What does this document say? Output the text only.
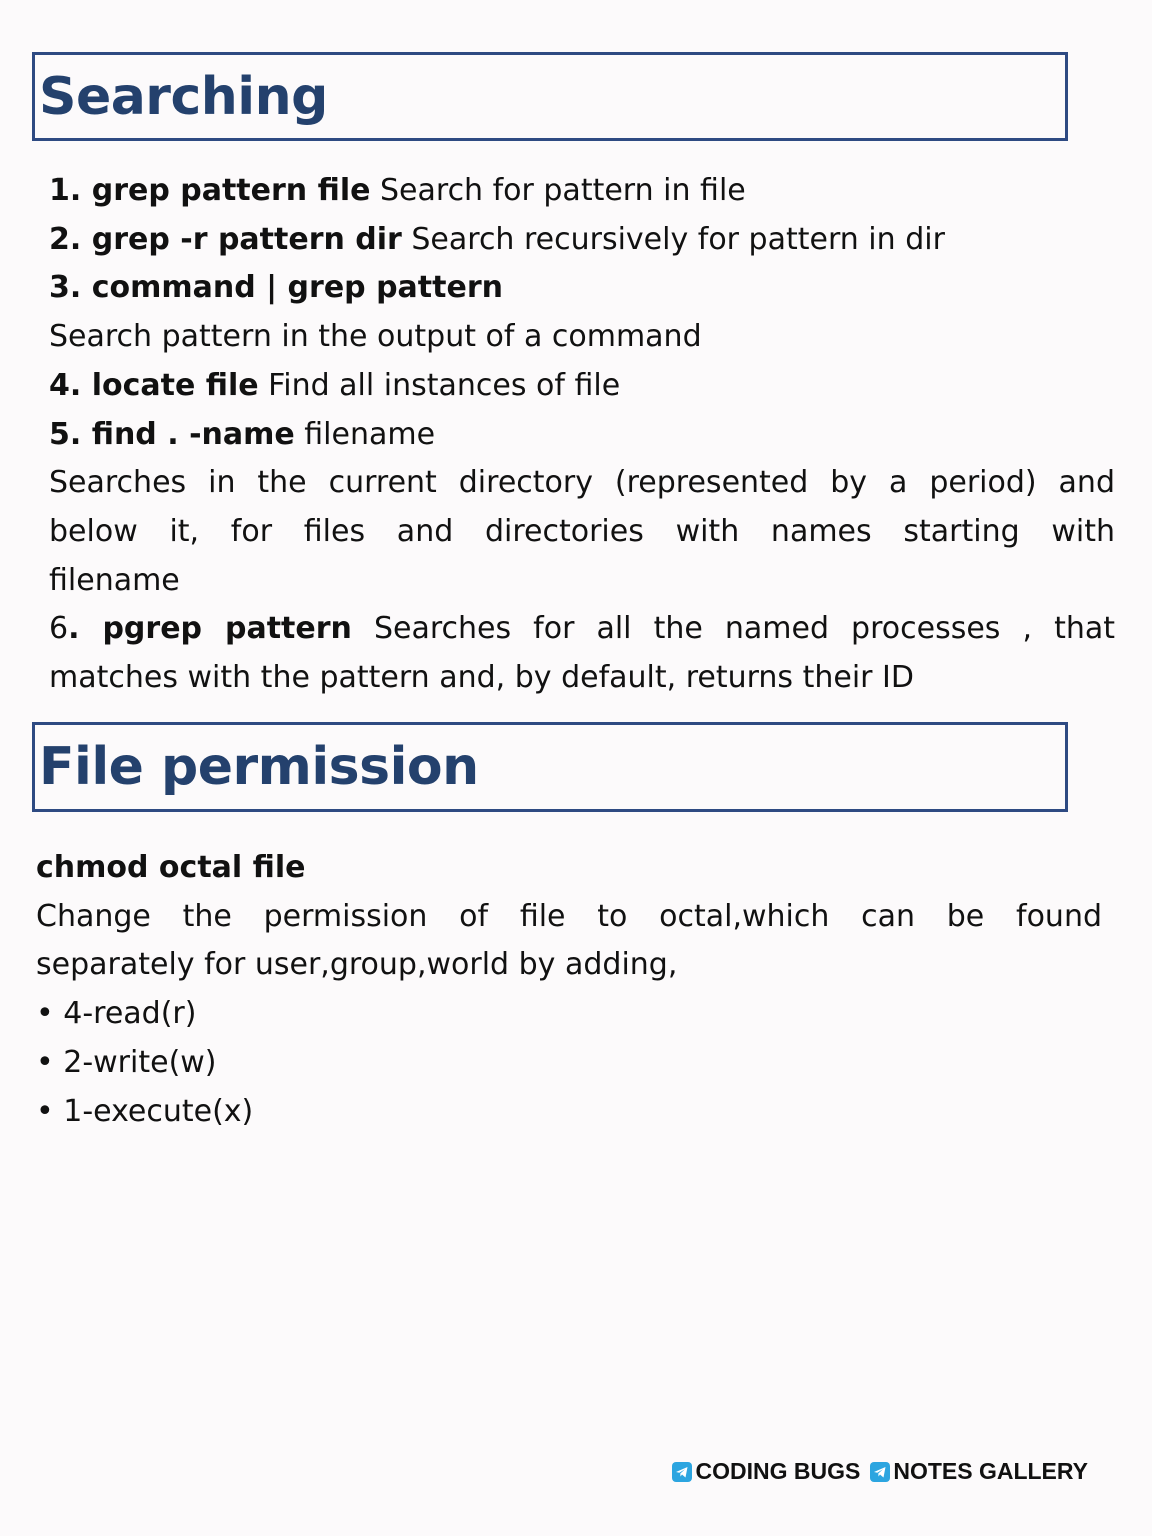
Searching
1. grep pattern file Search for pattern in file
2. grep -r pattern dir Search recursively for pattern in dir
3. command | grep pattern
Search pattern in the output of a command
4. locate file Find all instances of file
5. find . -name filename
Searches in the current directory (represented by a period) and
below it, for files and directories with names starting with
filename
6. pgrep pattern Searches for all the named processes , that
matches with the pattern and, by default, returns their ID
File permission
chmod octal file
Change the permission of file to octal,which can be found
separately for user,group,world by adding,
• 4-read(r)
• 2-write(w)
• 1-execute(x)
CODING BUGS NOTES GALLERY
